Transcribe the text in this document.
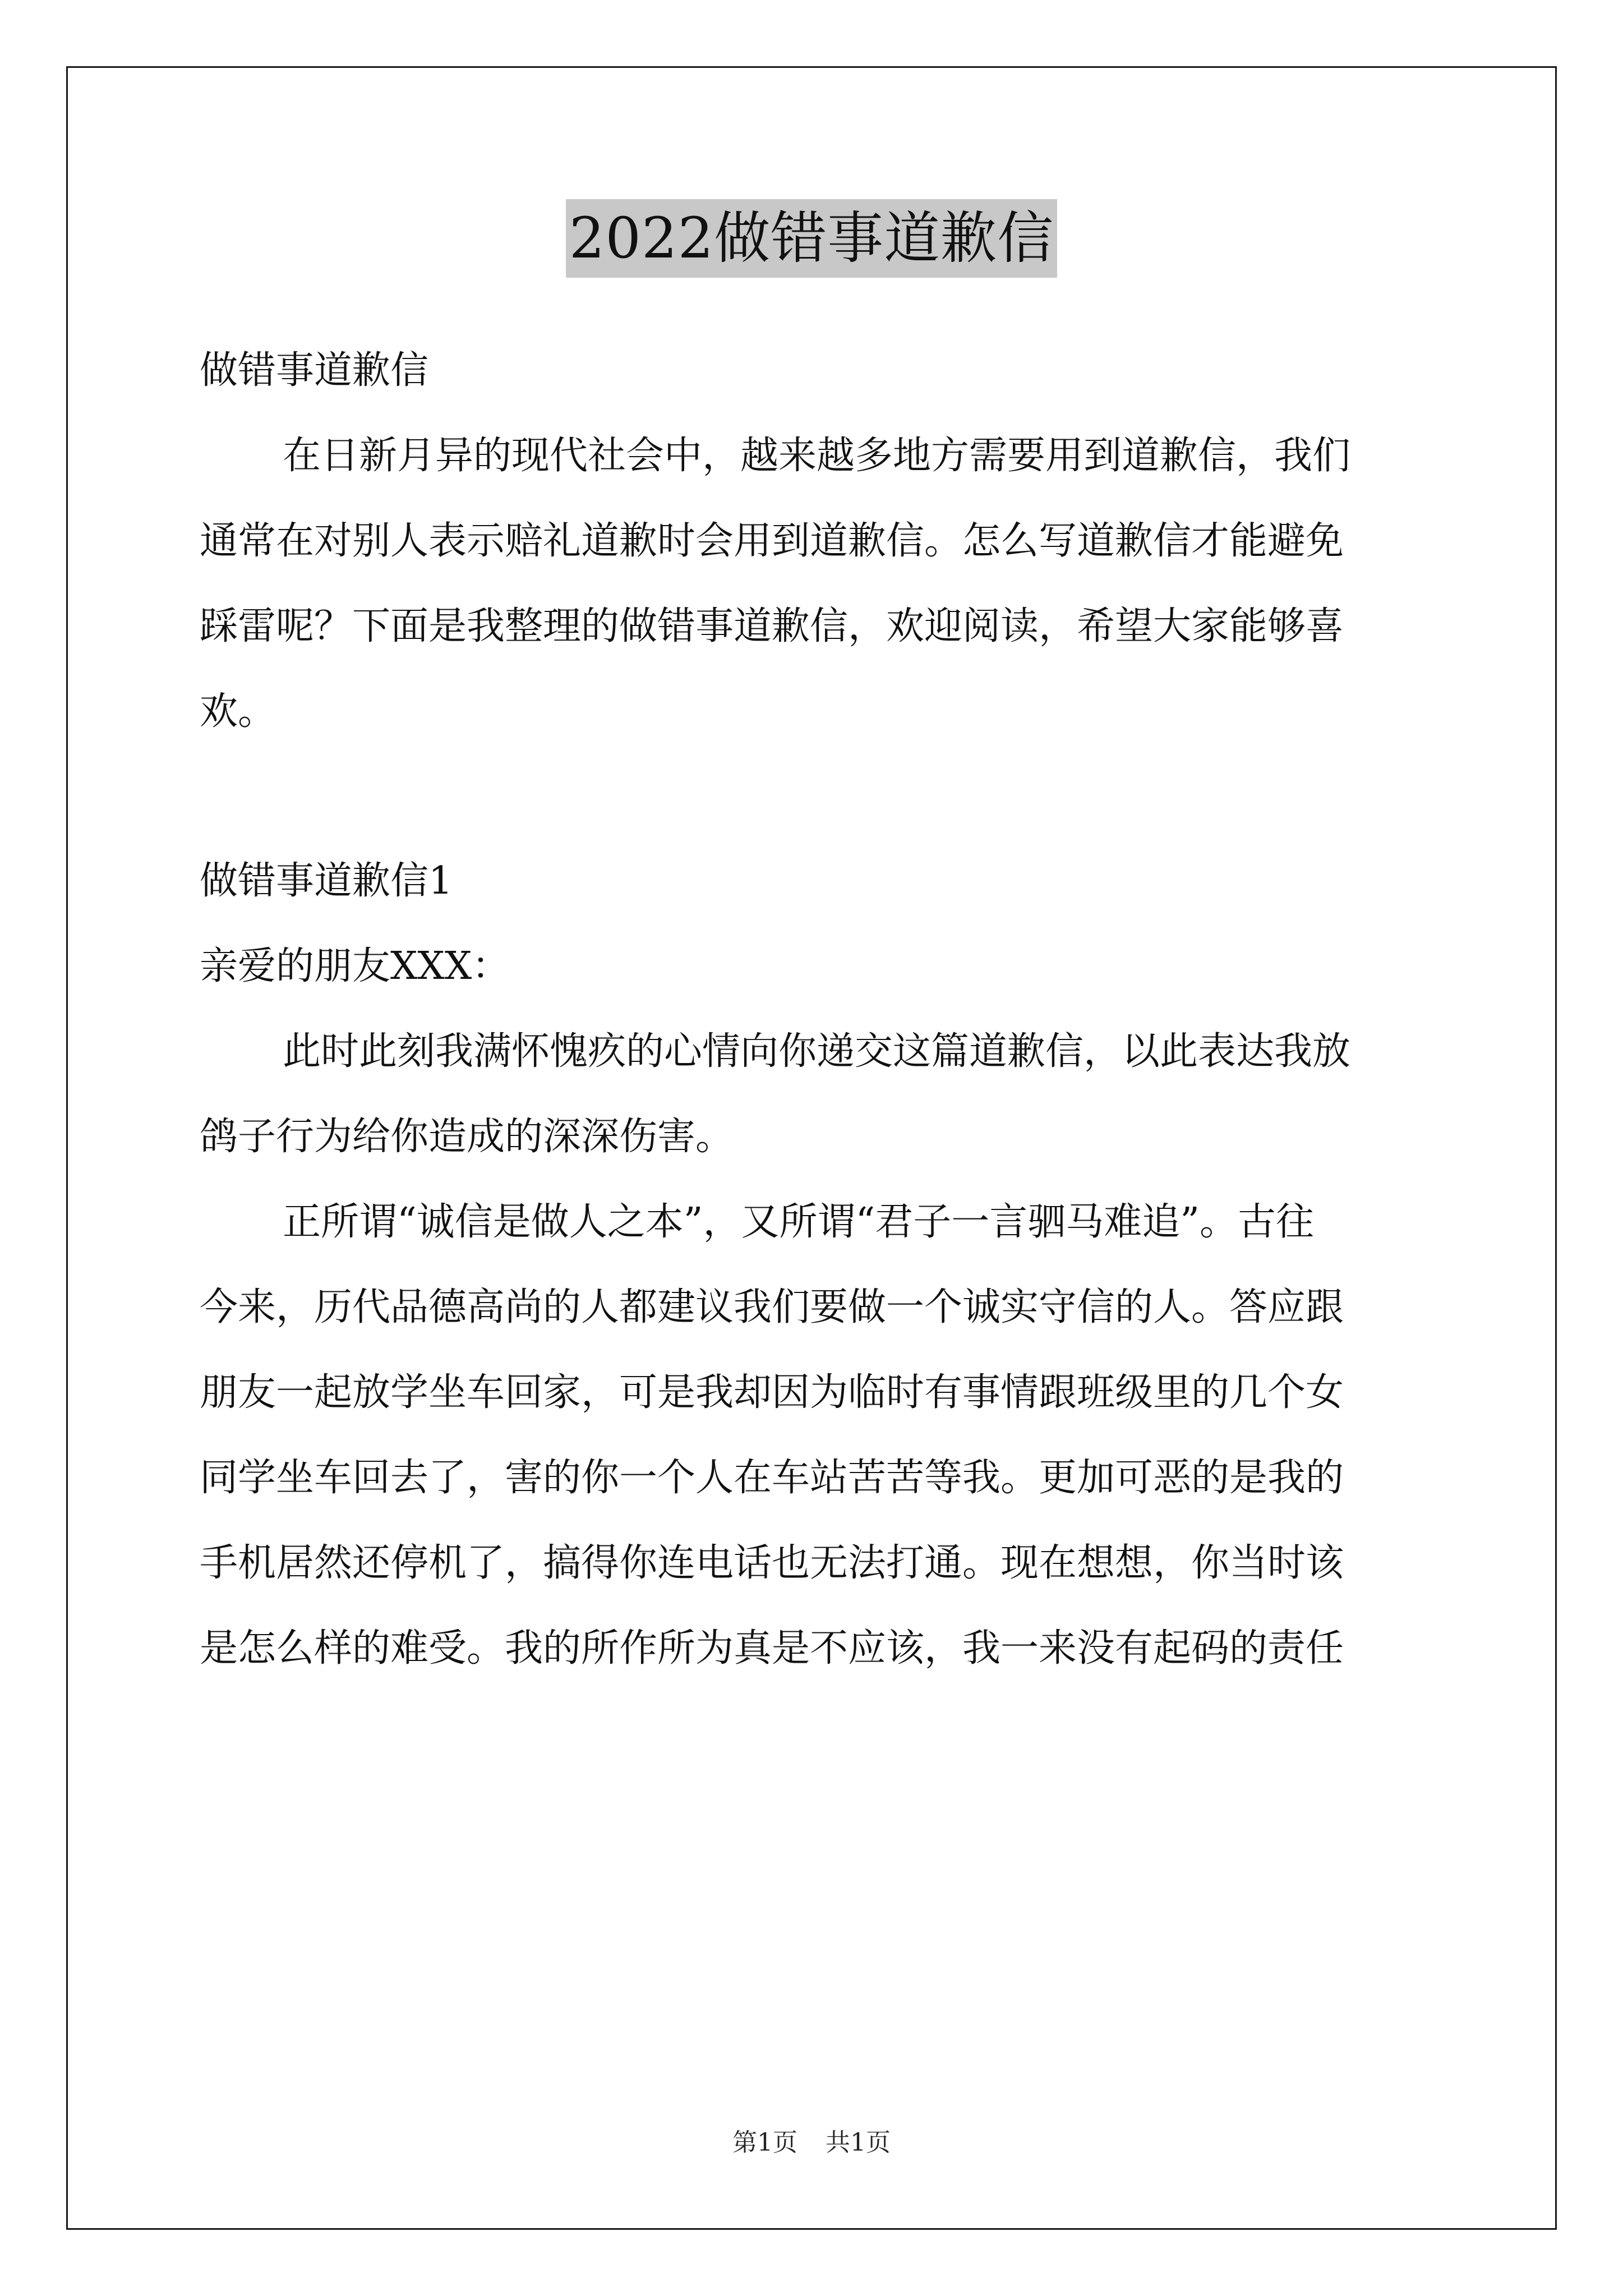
2022做错事道歉信
做错事道歉信
在日新月异的现代社会中，越来越多地方需要用到道歉信，我们
通常在对别人表示赔礼道歉时会用到道歉信。怎么写道歉信才能避免
踩雷呢？下面是我整理的做错事道歉信，欢迎阅读，希望大家能够喜
欢。
做错事道歉信1
亲爱的朋友XXX：
此时此刻我满怀愧疚的心情向你递交这篇道歉信，以此表达我放
鸽子行为给你造成的深深伤害。
正所谓“诚信是做人之本”，又所谓“君子一言驷马难追”。古往
今来，历代品德高尚的人都建议我们要做一个诚实守信的人。答应跟
朋友一起放学坐车回家，可是我却因为临时有事情跟班级里的几个女
同学坐车回去了，害的你一个人在车站苦苦等我。更加可恶的是我的
手机居然还停机了，搞得你连电话也无法打通。现在想想，你当时该
是怎么样的难受。我的所作所为真是不应该，我一来没有起码的责任
第1页 共1页
